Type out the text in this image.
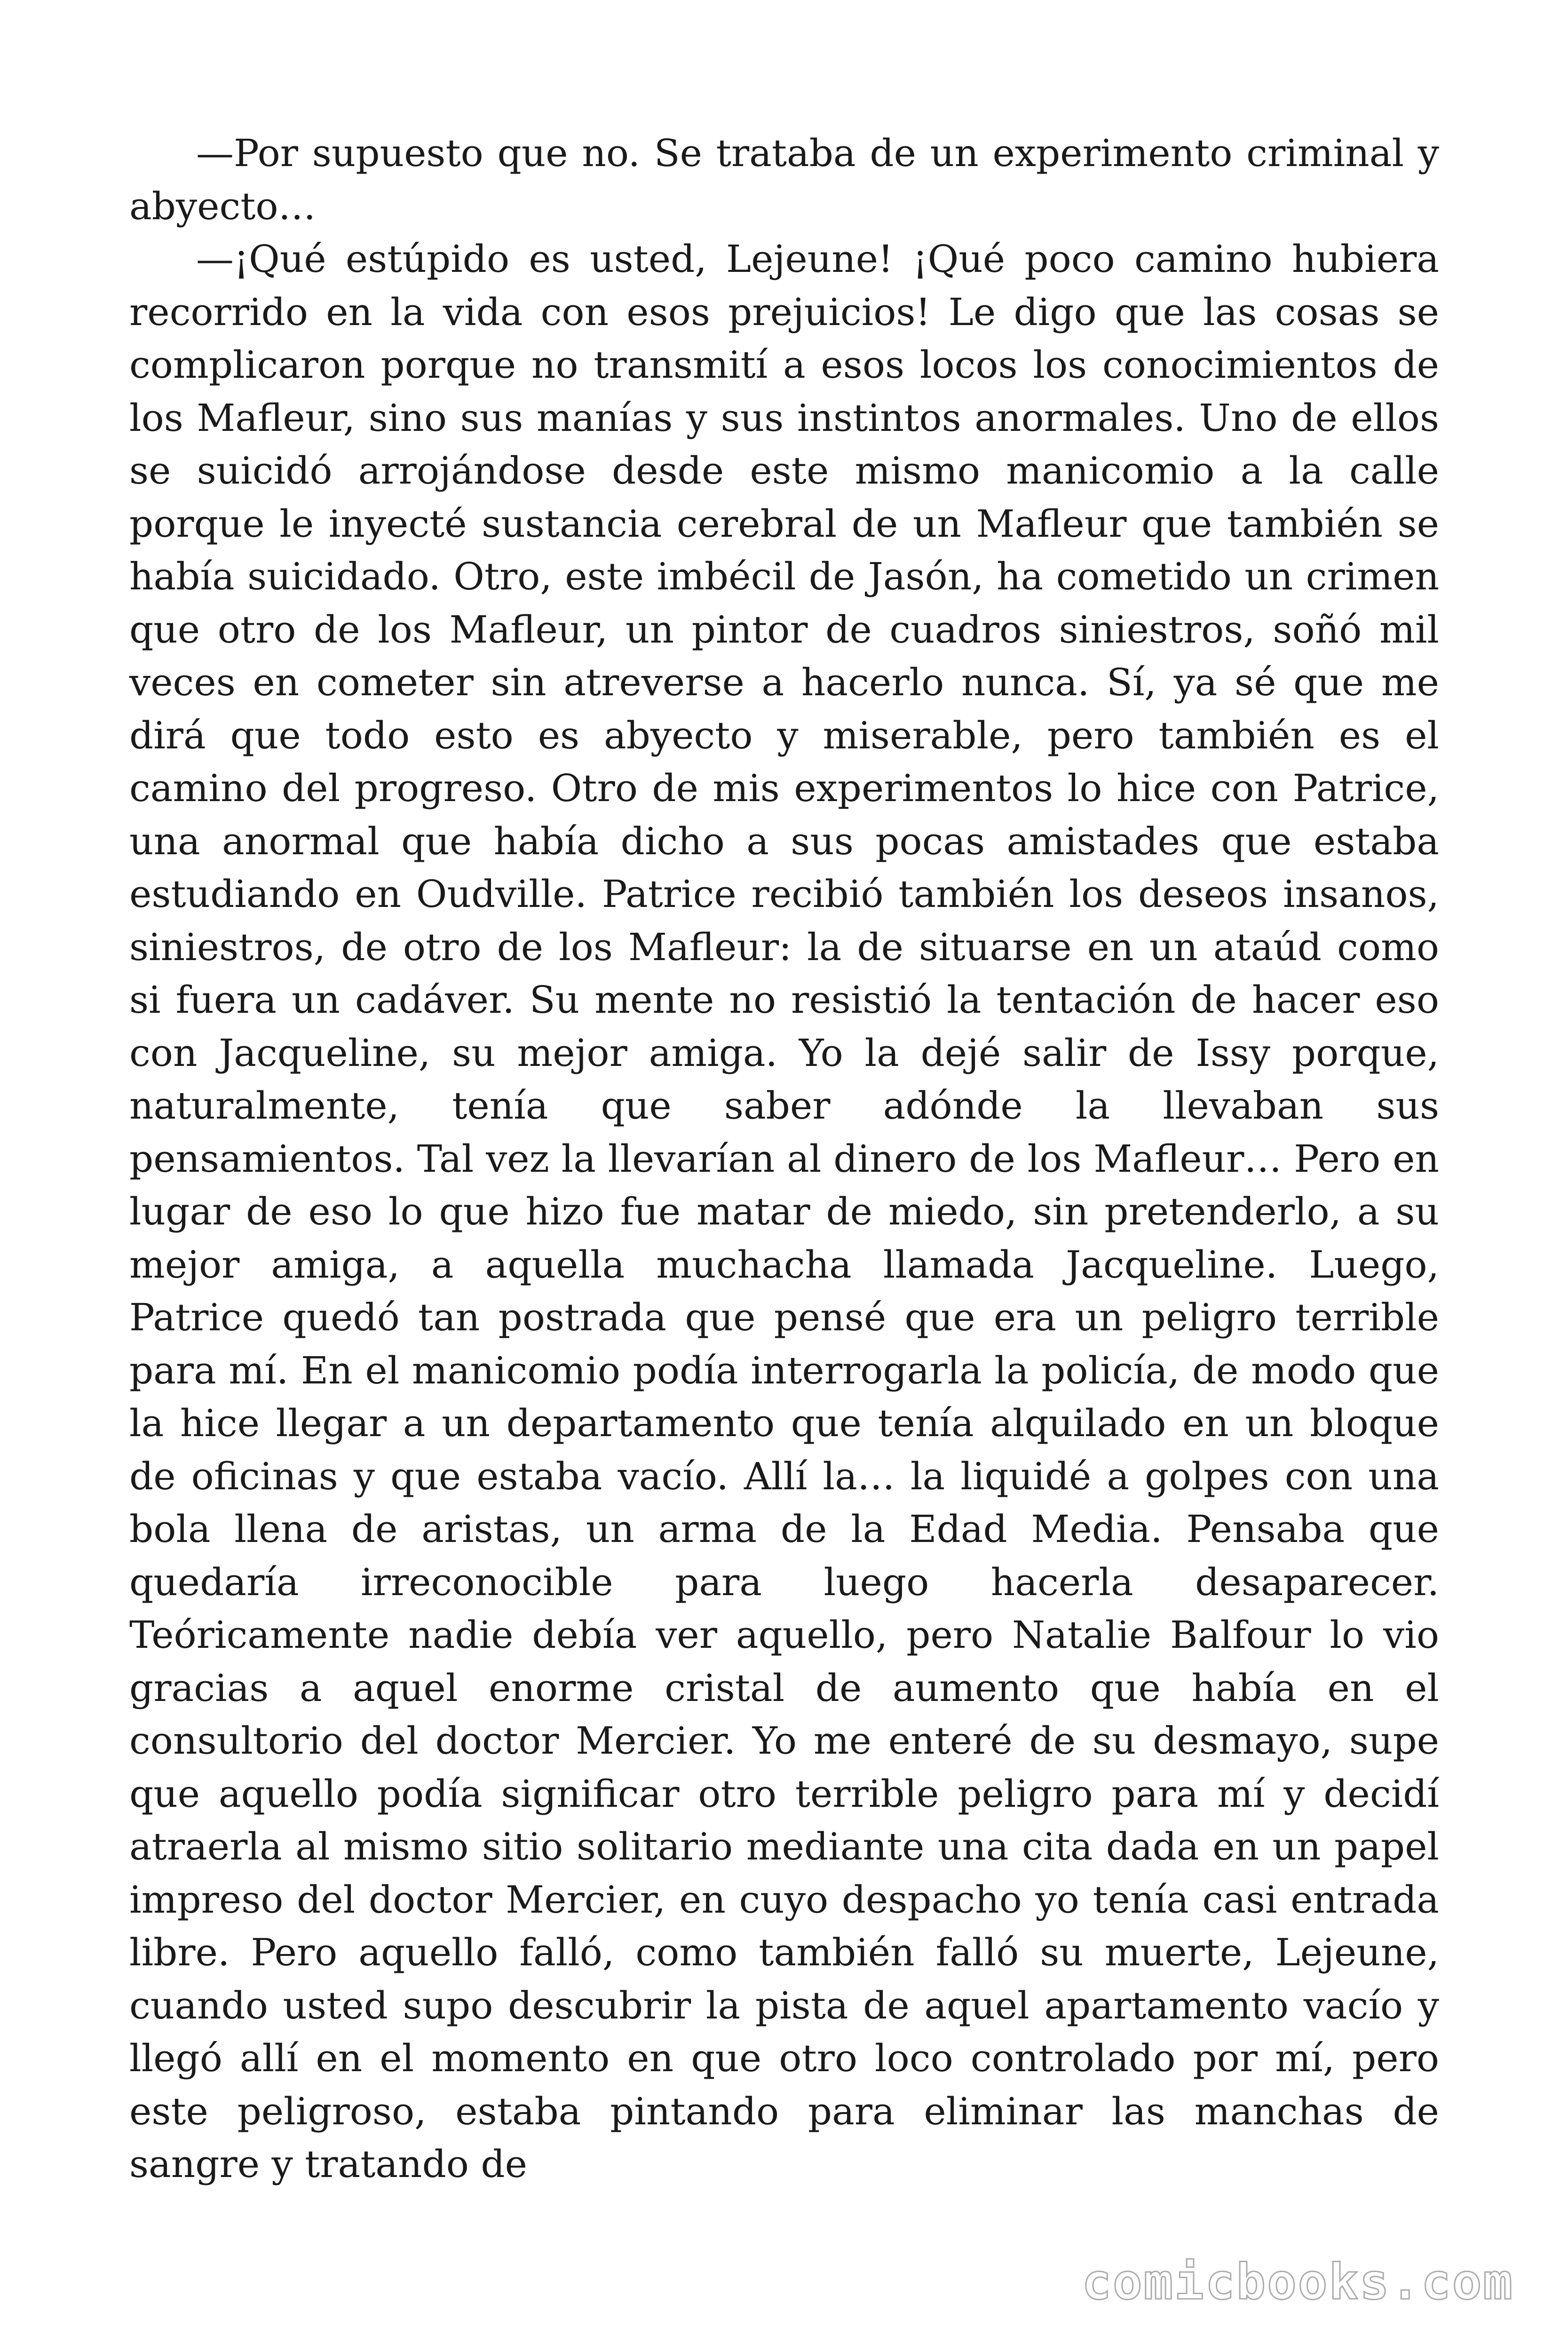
—Por supuesto que no. Se trataba de un experimento criminal y abyecto…

—¡Qué estúpido es usted, Lejeune! ¡Qué poco camino hubiera recorrido en la vida con esos prejuicios! Le digo que las cosas se complicaron porque no transmití a esos locos los conocimientos de los Mafleur, sino sus manías y sus instintos anormales. Uno de ellos se suicidó arrojándose desde este mismo manicomio a la calle porque le inyecté sustancia cerebral de un Mafleur que también se había suicidado. Otro, este imbécil de Jasón, ha cometido un crimen que otro de los Mafleur, un pintor de cuadros siniestros, soñó mil veces en cometer sin atreverse a hacerlo nunca. Sí, ya sé que me dirá que todo esto es abyecto y miserable, pero también es el camino del progreso. Otro de mis experimentos lo hice con Patrice, una anormal que había dicho a sus pocas amistades que estaba estudiando en Oudville. Patrice recibió también los deseos insanos, siniestros, de otro de los Mafleur: la de situarse en un ataúd como si fuera un cadáver. Su mente no resistió la tentación de hacer eso con Jacqueline, su mejor amiga. Yo la dejé salir de Issy porque, naturalmente, tenía que saber adónde la llevaban sus pensamientos. Tal vez la llevarían al dinero de los Mafleur… Pero en lugar de eso lo que hizo fue matar de miedo, sin pretenderlo, a su mejor amiga, a aquella muchacha llamada Jacqueline. Luego, Patrice quedó tan postrada que pensé que era un peligro terrible para mí. En el manicomio podía interrogarla la policía, de modo que la hice llegar a un departamento que tenía alquilado en un bloque de oficinas y que estaba vacío. Allí la… la liquidé a golpes con una bola llena de aristas, un arma de la Edad Media. Pensaba que quedaría irreconocible para luego hacerla desaparecer. Teóricamente nadie debía ver aquello, pero Natalie Balfour lo vio gracias a aquel enorme cristal de aumento que había en el consultorio del doctor Mercier. Yo me enteré de su desmayo, supe que aquello podía significar otro terrible peligro para mí y decidí atraerla al mismo sitio solitario mediante una cita dada en un papel impreso del doctor Mercier, en cuyo despacho yo tenía casi entrada libre. Pero aquello falló, como también falló su muerte, Lejeune, cuando usted supo descubrir la pista de aquel apartamento vacío y llegó allí en el momento en que otro loco controlado por mí, pero este peligroso, estaba pintando para eliminar las manchas de sangre y tratando de

comicbooks.com
